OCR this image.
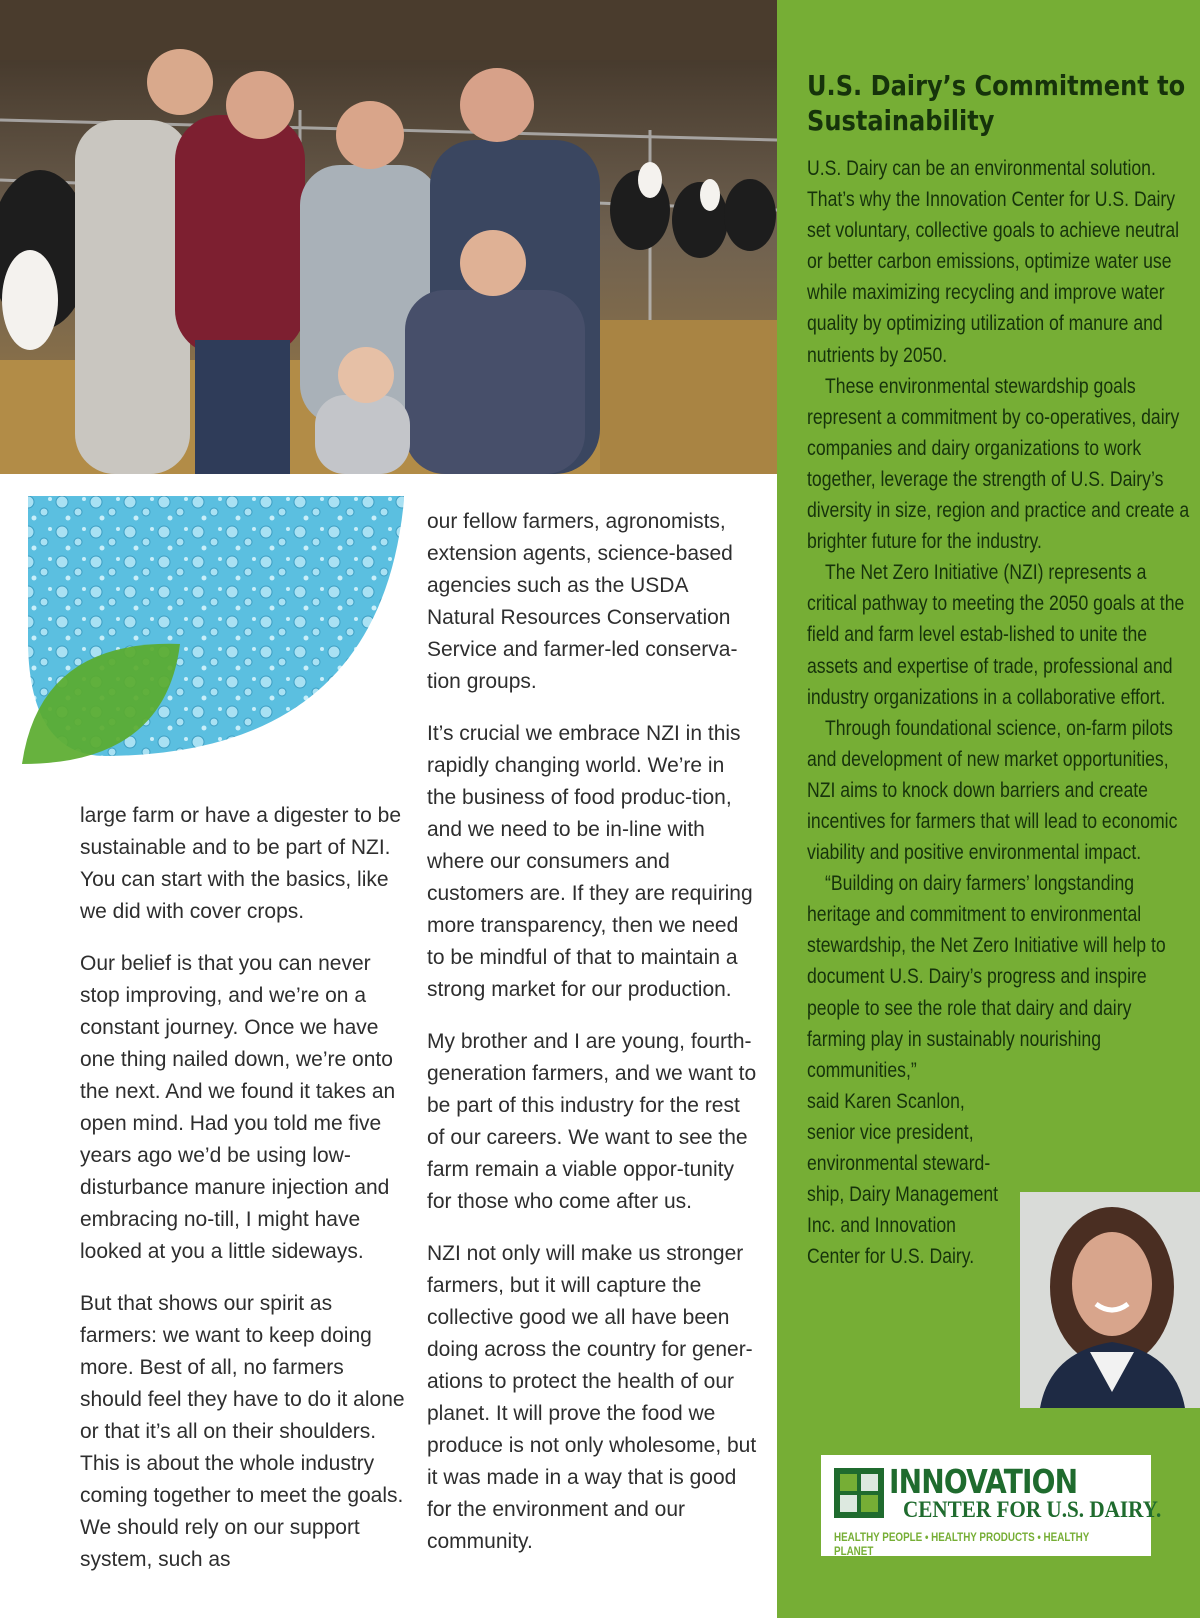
large farm or have a digester to be sustainable and to be part of NZI. You can start with the basics, like we did with cover crops.

Our belief is that you can never stop improving, and we’re on a constant journey. Once we have one thing nailed down, we’re onto the next. And we found it takes an open mind. Had you told me five years ago we’d be using low-disturbance manure injection and embracing no-till, I might have looked at you a little sideways.

But that shows our spirit as farmers: we want to keep doing more. Best of all, no farmers should feel they have to do it alone or that it’s all on their shoulders. This is about the whole industry coming together to meet the goals. We should rely on our support system, such as

our fellow farmers, agronomists, extension agents, science-based agencies such as the USDA Natural Resources Conservation Service and farmer-led conserva-tion groups.

It’s crucial we embrace NZI in this rapidly changing world. We’re in the business of food produc-tion, and we need to be in-line with where our consumers and customers are. If they are requiring more transparency, then we need to be mindful of that to maintain a strong market for our production.

My brother and I are young, fourth-generation farmers, and we want to be part of this industry for the rest of our careers. We want to see the farm remain a viable oppor-tunity for those who come after us.

NZI not only will make us stronger farmers, but it will capture the collective good we all have been doing across the country for gener-ations to protect the health of our planet. It will prove the food we produce is not only wholesome, but it was made in a way that is good for the environment and our community.

U.S. Dairy’s Commitment to Sustainability

U.S. Dairy can be an environmental solution. That’s why the Innovation Center for U.S. Dairy set voluntary, collective goals to achieve neutral or better carbon emissions, optimize water use while maximizing recycling and improve water quality by optimizing utilization of manure and nutrients by 2050.

These environmental stewardship goals represent a commitment by co-operatives, dairy companies and dairy organizations to work together, leverage the strength of U.S. Dairy’s diversity in size, region and practice and create a brighter future for the industry.

The Net Zero Initiative (NZI) represents a critical pathway to meeting the 2050 goals at the field and farm level estab-lished to unite the assets and expertise of trade, professional and industry organizations in a collaborative effort.

Through foundational science, on-farm pilots and development of new market opportunities, NZI aims to knock down barriers and create incentives for farmers that will lead to economic viability and positive environmental impact.

“Building on dairy farmers’ longstanding heritage and commitment to environmental stewardship, the Net Zero Initiative will help to document U.S. Dairy’s progress and inspire people to see the role that dairy and dairy farming play in sustainably nourishing communities,”

said Karen Scanlon, senior vice president, environmental steward-ship, Dairy Management Inc. and Innovation Center for U.S. Dairy.

INNOVATION
CENTER FOR U.S. DAIRY.
HEALTHY PEOPLE • HEALTHY PRODUCTS • HEALTHY PLANET
